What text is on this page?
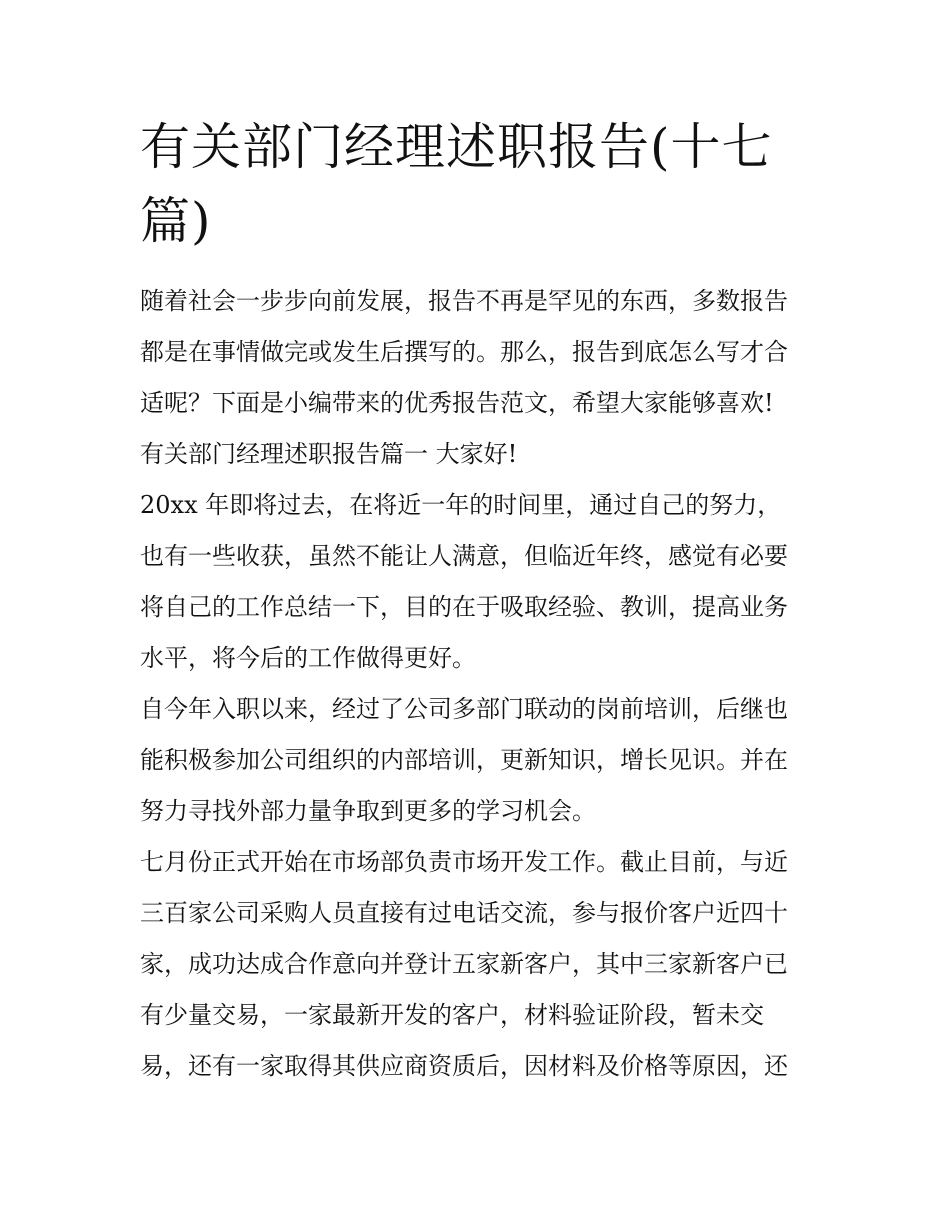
有关部门经理述职报告(十七
篇)
随着社会一步步向前发展，报告不再是罕见的东西，多数报告
都是在事情做完或发生后撰写的。那么，报告到底怎么写才合
适呢？下面是小编带来的优秀报告范文，希望大家能够喜欢!
有关部门经理述职报告篇一 大家好!
20xx 年即将过去，在将近一年的时间里，通过自己的努力，
也有一些收获，虽然不能让人满意，但临近年终，感觉有必要
将自己的工作总结一下，目的在于吸取经验、教训，提高业务
水平，将今后的工作做得更好。
自今年入职以来，经过了公司多部门联动的岗前培训，后继也
能积极参加公司组织的内部培训，更新知识，增长见识。并在
努力寻找外部力量争取到更多的学习机会。
七月份正式开始在市场部负责市场开发工作。截止目前，与近
三百家公司采购人员直接有过电话交流，参与报价客户近四十
家，成功达成合作意向并登计五家新客户，其中三家新客户已
有少量交易，一家最新开发的客户，材料验证阶段，暂未交
易，还有一家取得其供应商资质后，因材料及价格等原因，还
